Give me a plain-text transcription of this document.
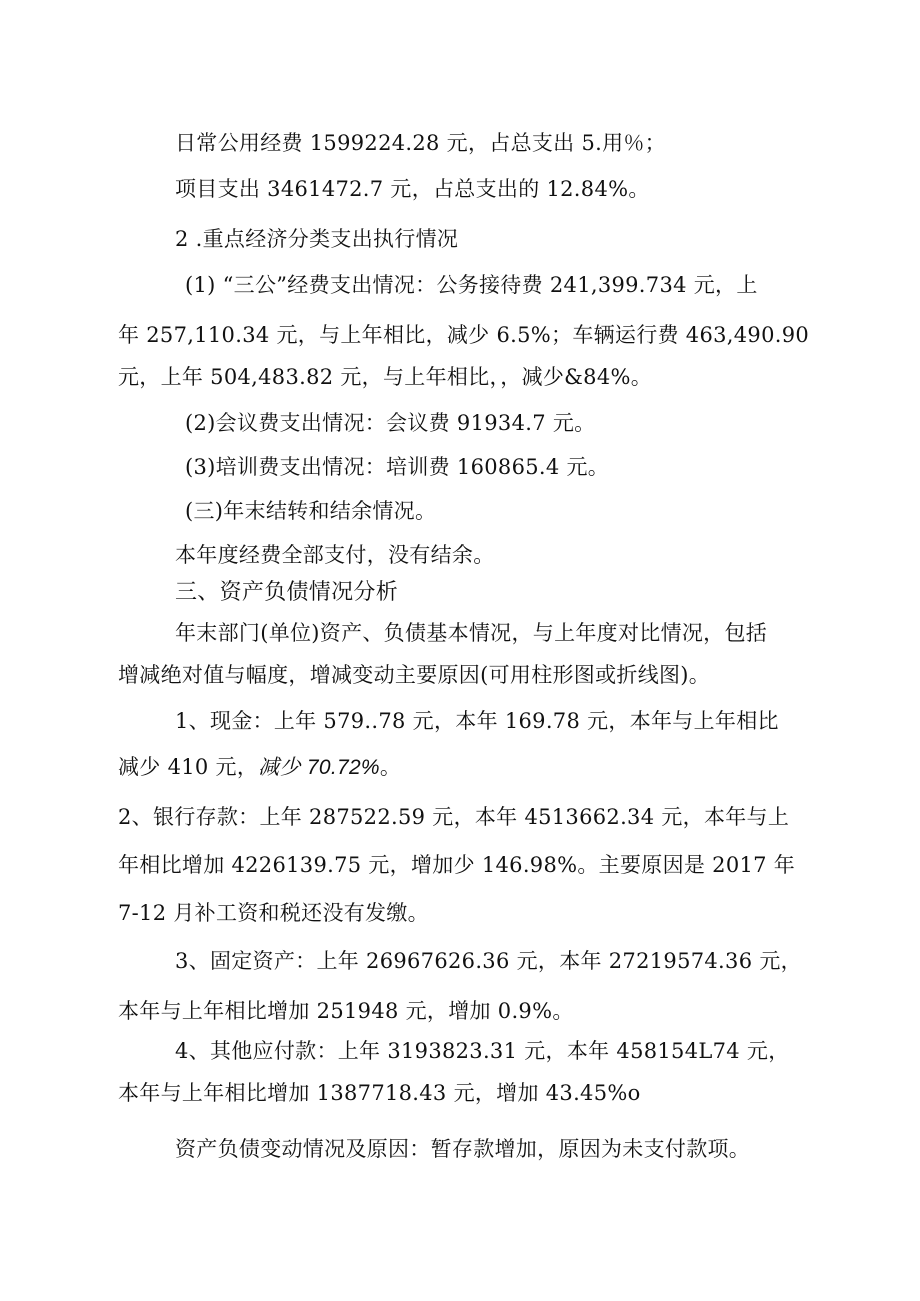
日常公用经费 1599224.28 元，占总支出 5.用％；
项目支出 3461472.7 元，占总支出的 12.84%。
2 .重点经济分类支出执行情况
(1) “三公”经费支出情况：公务接待费 241,399.734 元，上
年 257,110.34 元，与上年相比，减少 6.5%；车辆运行费 463,490.90
元，上年 504,483.82 元，与上年相比，，减少&84%。
(2)会议费支出情况：会议费 91934.7 元。
(3)培训费支出情况：培训费 160865.4 元。
(三)年末结转和结余情况。
本年度经费全部支付，没有结余。
三、资产负债情况分析
年末部门(单位)资产、负债基本情况，与上年度对比情况，包括
增减绝对值与幅度，增减变动主要原因(可用柱形图或折线图)。
1、现金：上年 579..78 元，本年 169.78 元，本年与上年相比
减少 410 元，减少 70.72%。
2、银行存款：上年 287522.59 元，本年 4513662.34 元，本年与上
年相比增加 4226139.75 元，增加少 146.98%。主要原因是 2017 年
7-12 月补工资和税还没有发缴。
3、固定资产：上年 26967626.36 元，本年 27219574.36 元，
本年与上年相比增加 251948 元，增加 0.9%。
4、其他应付款：上年 3193823.31 元，本年 458154L74 元，
本年与上年相比增加 1387718.43 元，增加 43.45%o
资产负债变动情况及原因：暂存款增加，原因为未支付款项。
